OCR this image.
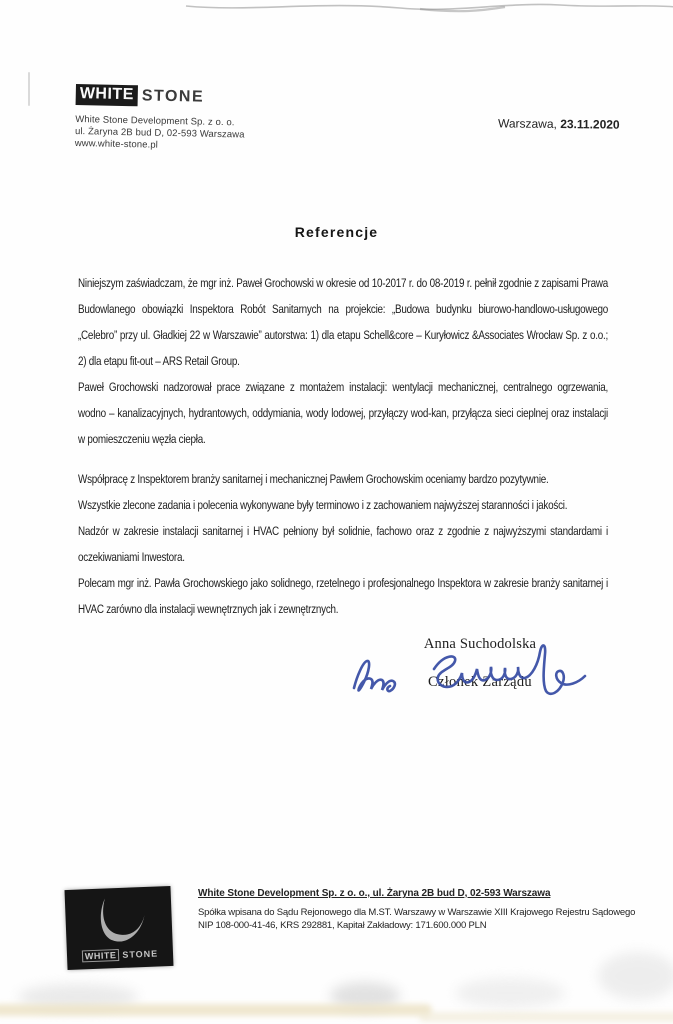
WHITE STONE
White Stone Development Sp. z o. o.
ul. Żaryna 2B bud D, 02-593 Warszawa
www.white-stone.pl
Warszawa, 23.11.2020
Referencje

Niniejszym zaświadczam, że mgr inż. Paweł Grochowski w okresie od 10-2017 r. do 08-2019 r. pełnił zgodnie z zapisami Prawa Budowlanego obowiązki Inspektora Robót Sanitarnych na projekcie: „Budowa budynku biurowo-handlowo-usługowego „Celebro” przy ul. Gładkiej 22 w Warszawie” autorstwa: 1) dla etapu Schell&core – Kuryłowicz &Associates Wrocław Sp. z o.o.; 2) dla etapu fit-out – ARS Retail Group.

Paweł Grochowski nadzorował prace związane z montażem instalacji: wentylacji mechanicznej, centralnego ogrzewania, wodno – kanalizacyjnych, hydrantowych, oddymiania, wody lodowej, przyłączy wod-kan, przyłącza sieci cieplnej oraz instalacji w pomieszczeniu węzła ciepła.

Współpracę z Inspektorem branży sanitarnej i mechanicznej Pawłem Grochowskim oceniamy bardzo pozytywnie.

Wszystkie zlecone zadania i polecenia wykonywane były terminowo i z zachowaniem najwyższej staranności i jakości.

Nadzór w zakresie instalacji sanitarnej i HVAC pełniony był solidnie, fachowo oraz z zgodnie z najwyższymi standardami i oczekiwaniami Inwestora.

Polecam mgr inż. Pawła Grochowskiego jako solidnego, rzetelnego i profesjonalnego Inspektora w zakresie branży sanitarnej i HVAC zarówno dla instalacji wewnętrznych jak i zewnętrznych.

Anna Suchodolska
Członek Zarządu
WHITE STONE
White Stone Development Sp. z o. o., ul. Żaryna 2B bud D, 02-593 Warszawa
Spółka wpisana do Sądu Rejonowego dla M.ST. Warszawy w Warszawie XIII Krajowego Rejestru Sądowego
NIP 108-000-41-46, KRS 292881, Kapitał Zakładowy: 171.600.000 PLN
